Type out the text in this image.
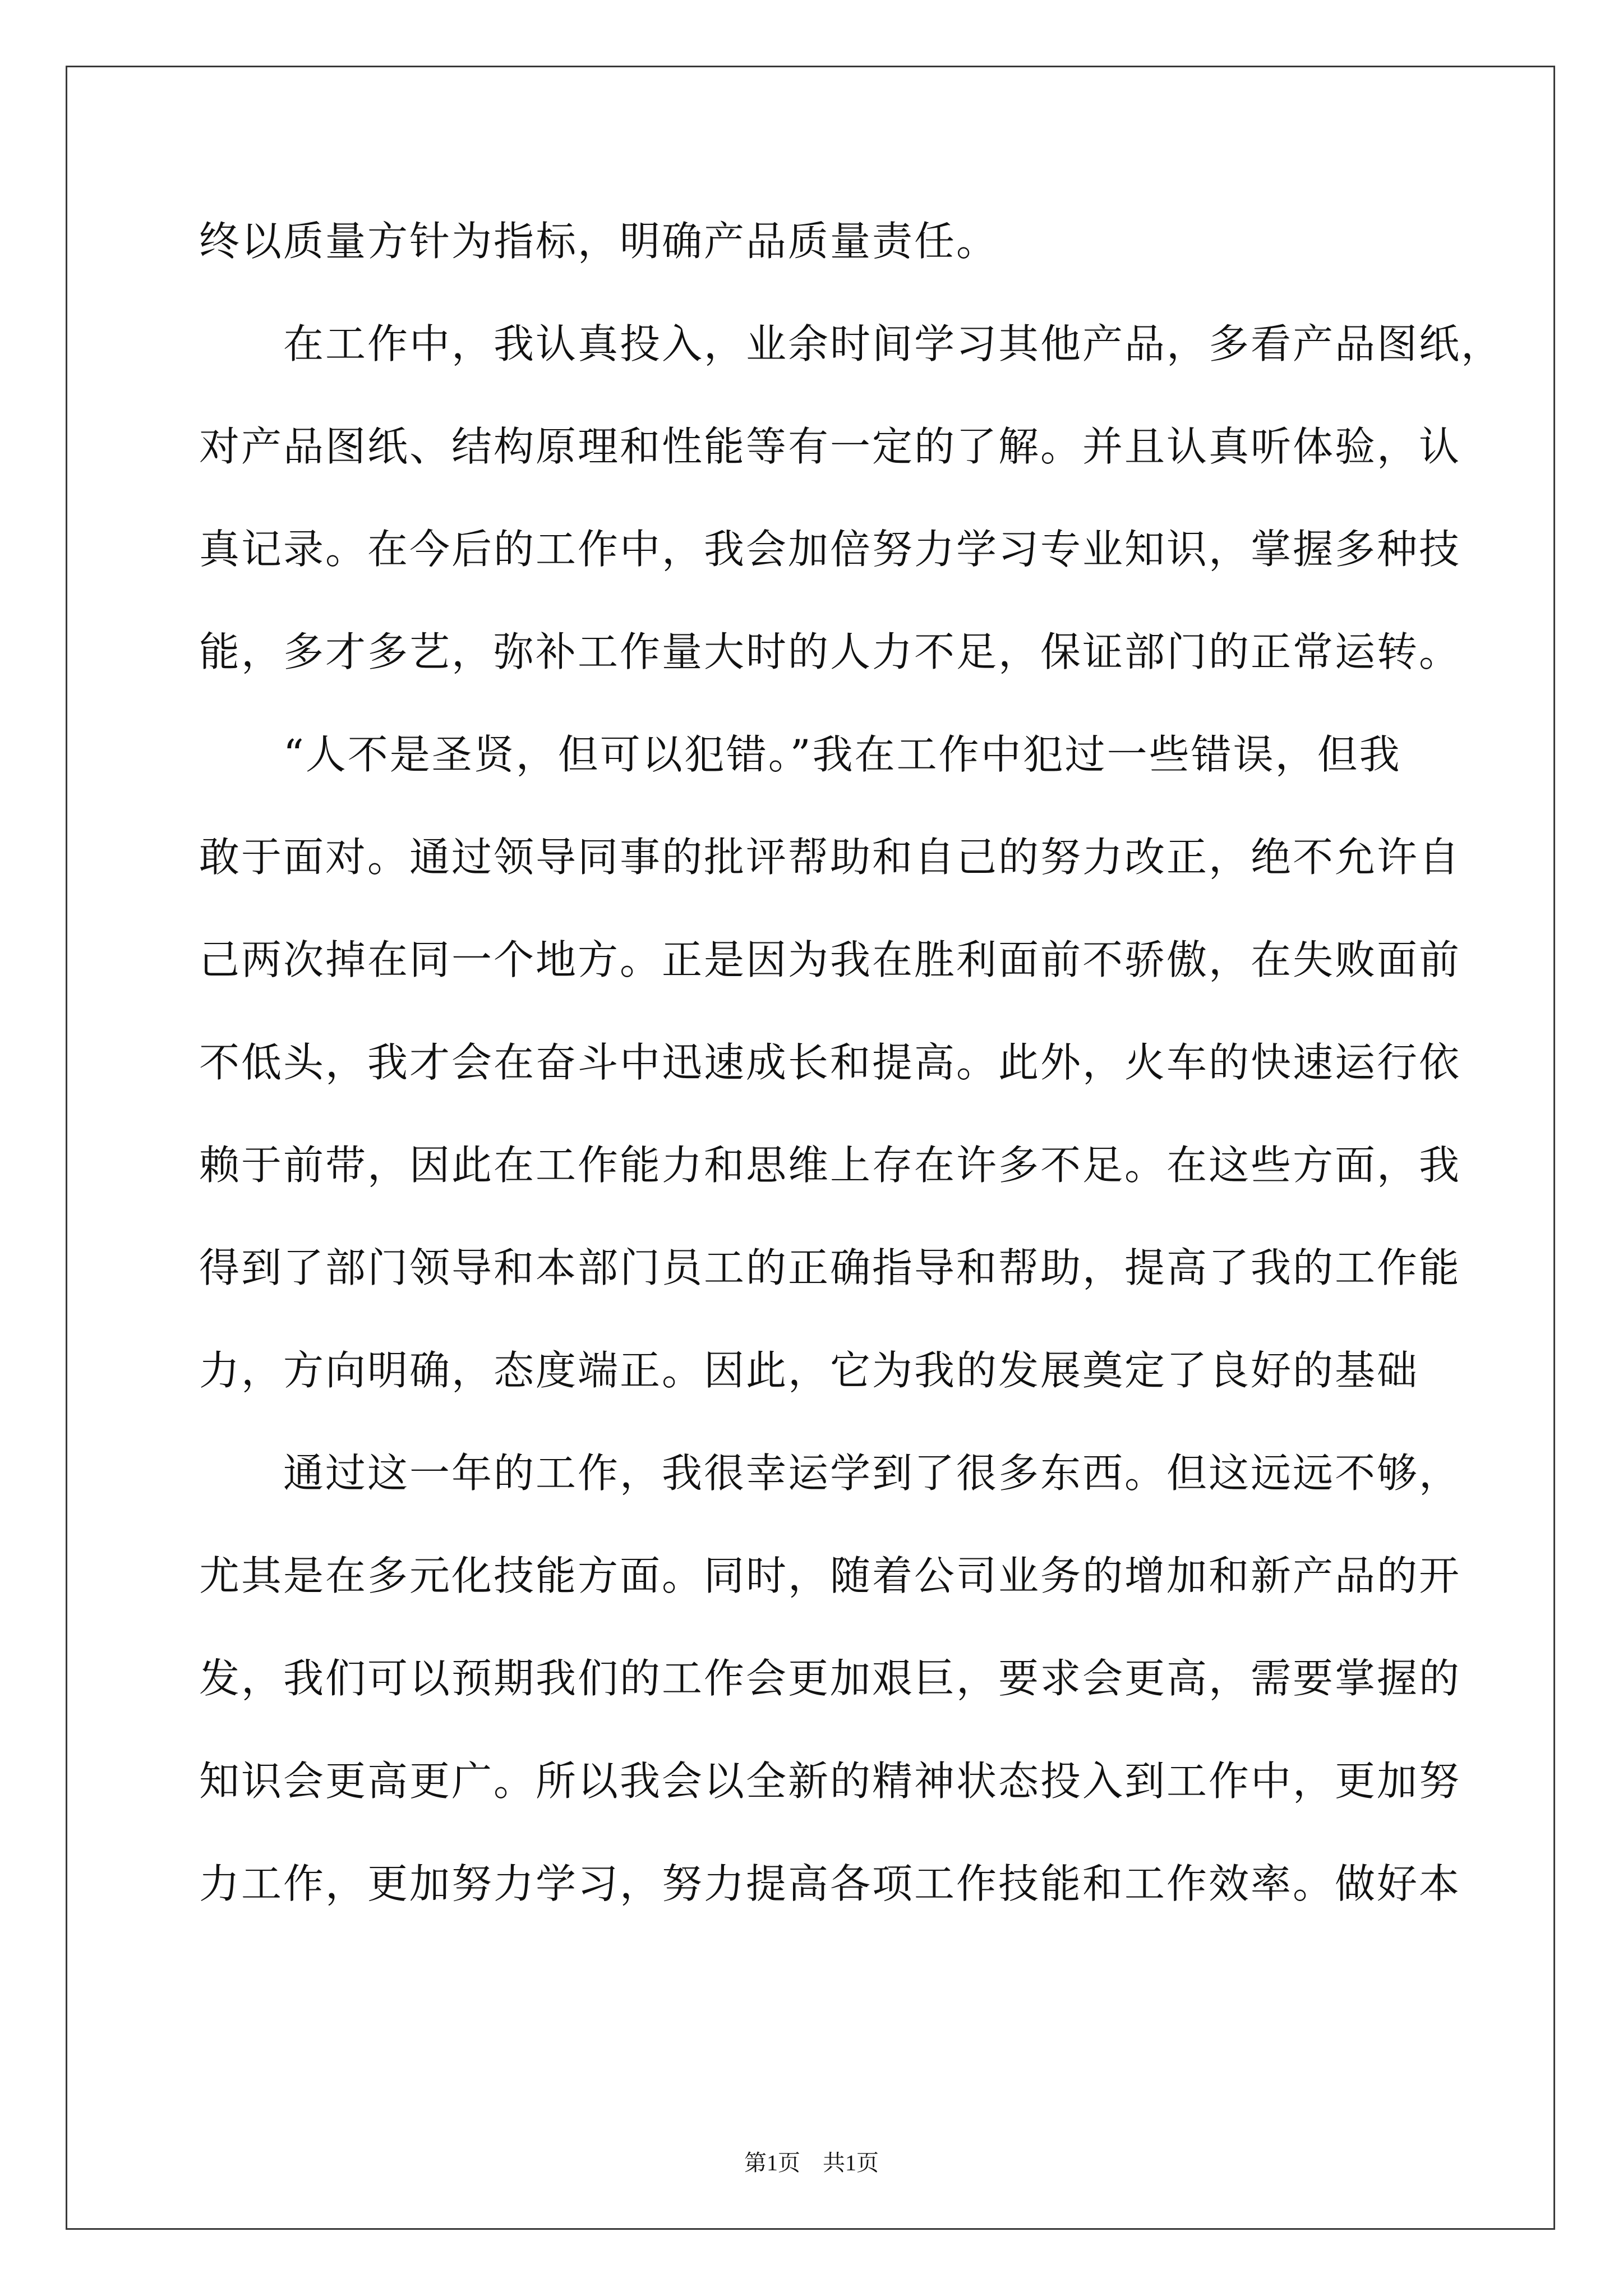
终以质量方针为指标，明确产品质量责任。
在工作中，我认真投入，业余时间学习其他产品，多看产品图纸，
对产品图纸、结构原理和性能等有一定的了解。并且认真听体验，认
真记录。在今后的工作中，我会加倍努力学习专业知识，掌握多种技
能，多才多艺，弥补工作量大时的人力不足，保证部门的正常运转。
“人不是圣贤，但可以犯错。”我在工作中犯过一些错误，但我
敢于面对。通过领导同事的批评帮助和自己的努力改正，绝不允许自
己两次掉在同一个地方。正是因为我在胜利面前不骄傲，在失败面前
不低头，我才会在奋斗中迅速成长和提高。此外，火车的快速运行依
赖于前带，因此在工作能力和思维上存在许多不足。在这些方面，我
得到了部门领导和本部门员工的正确指导和帮助，提高了我的工作能
力，方向明确，态度端正。因此，它为我的发展奠定了良好的基础
通过这一年的工作，我很幸运学到了很多东西。但这远远不够，
尤其是在多元化技能方面。同时，随着公司业务的增加和新产品的开
发，我们可以预期我们的工作会更加艰巨，要求会更高，需要掌握的
知识会更高更广。所以我会以全新的精神状态投入到工作中，更加努
力工作，更加努力学习，努力提高各项工作技能和工作效率。做好本
第1页　共1页
